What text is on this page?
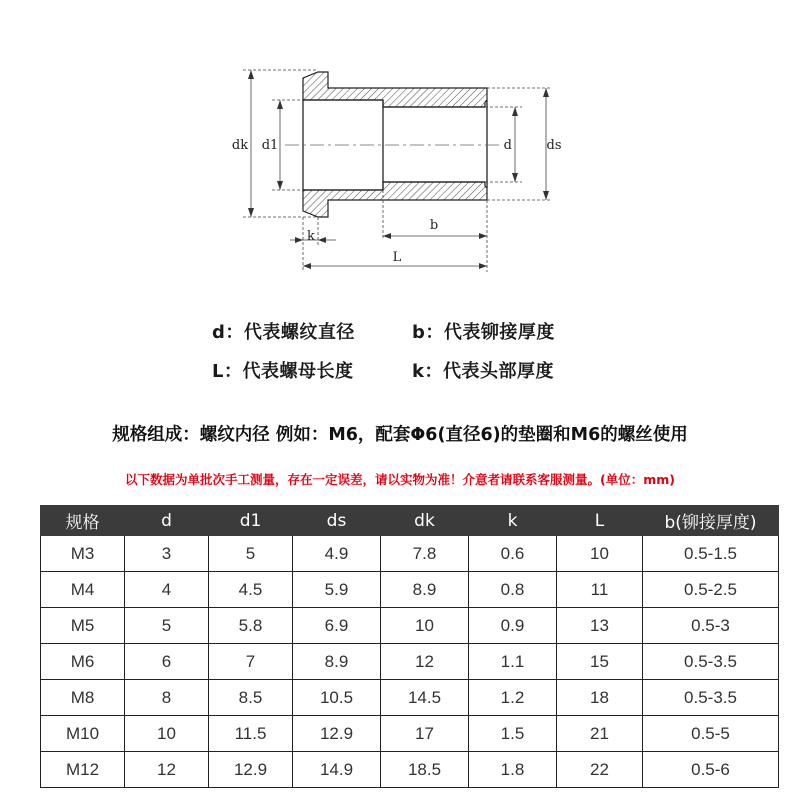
dk d1	d	ds
k
b
L
d：代表螺纹直径	b：代表铆接厚度
L：代表螺母长度	k：代表头部厚度
规格组成：螺纹内径 例如：M6，配套Φ6(直径6)的垫圈和M6的螺丝使用
以下数据为单批次手工测量，存在一定误差，请以实物为准！介意者请联系客服测量。(单位：mm)
规格	d	d1	ds	dk	k	L	b(铆接厚度)
M3	3	5	4.9	7.8	0.6	10	0.5-1.5
M4	4	4.5	5.9	8.9	0.8	11	0.5-2.5
M5	5	5.8	6.9	10	0.9	13	0.5-3
M6	6	7	8.9	12	1.1	15	0.5-3.5
M8	8	8.5	10.5	14.5	1.2	18	0.5-3.5
M10	10	11.5	12.9	17	1.5	21	0.5-5
M12	12	12.9	14.9	18.5	1.8	22	0.5-6
